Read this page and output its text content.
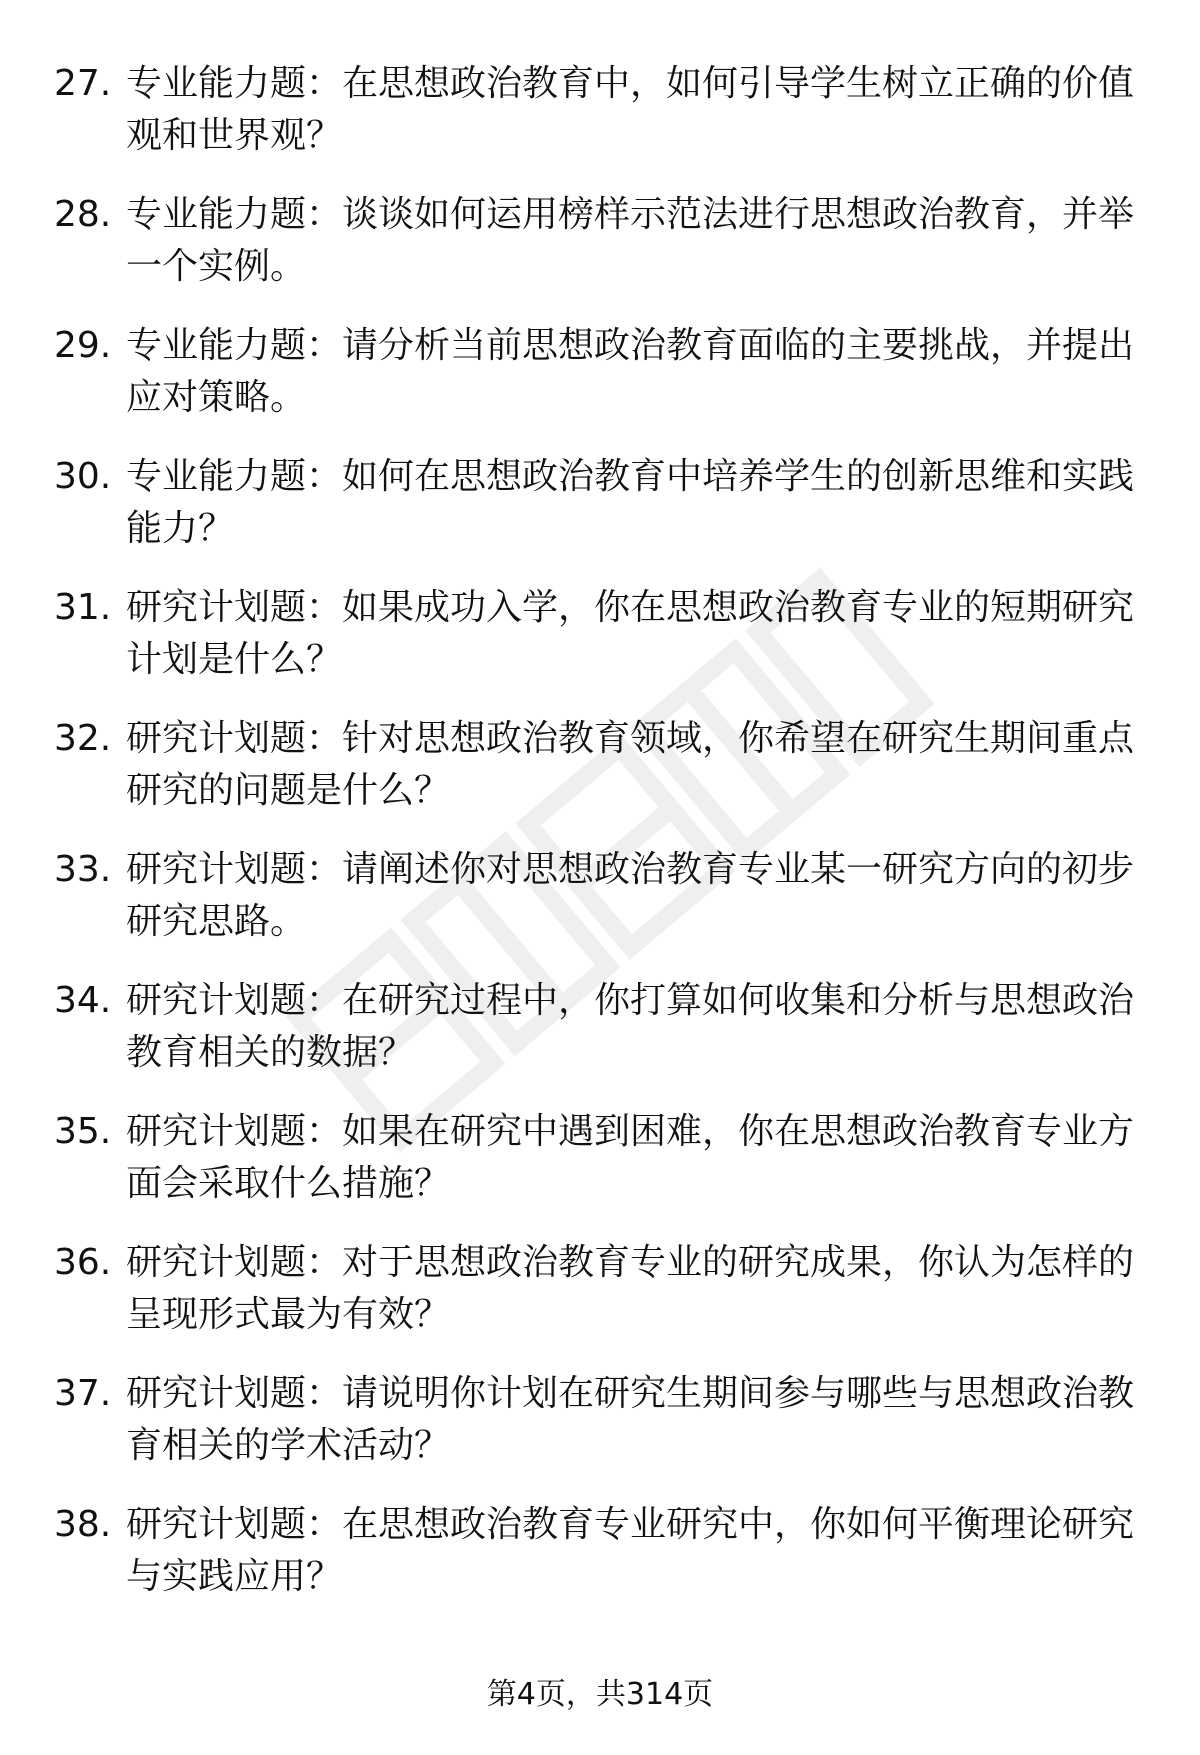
27. 专业能力题：在思想政治教育中，如何引导学生树立正确的价值观和世界观？
28. 专业能力题：谈谈如何运用榜样示范法进行思想政治教育，并举一个实例。
29. 专业能力题：请分析当前思想政治教育面临的主要挑战，并提出应对策略。
30. 专业能力题：如何在思想政治教育中培养学生的创新思维和实践能力？
31. 研究计划题：如果成功入学，你在思想政治教育专业的短期研究计划是什么？
32. 研究计划题：针对思想政治教育领域，你希望在研究生期间重点研究的问题是什么？
33. 研究计划题：请阐述你对思想政治教育专业某一研究方向的初步研究思路。
34. 研究计划题：在研究过程中，你打算如何收集和分析与思想政治教育相关的数据？
35. 研究计划题：如果在研究中遇到困难，你在思想政治教育专业方面会采取什么措施？
36. 研究计划题：对于思想政治教育专业的研究成果，你认为怎样的呈现形式最为有效？
37. 研究计划题：请说明你计划在研究生期间参与哪些与思想政治教育相关的学术活动？
38. 研究计划题：在思想政治教育专业研究中，你如何平衡理论研究与实践应用？
第4页，共314页
